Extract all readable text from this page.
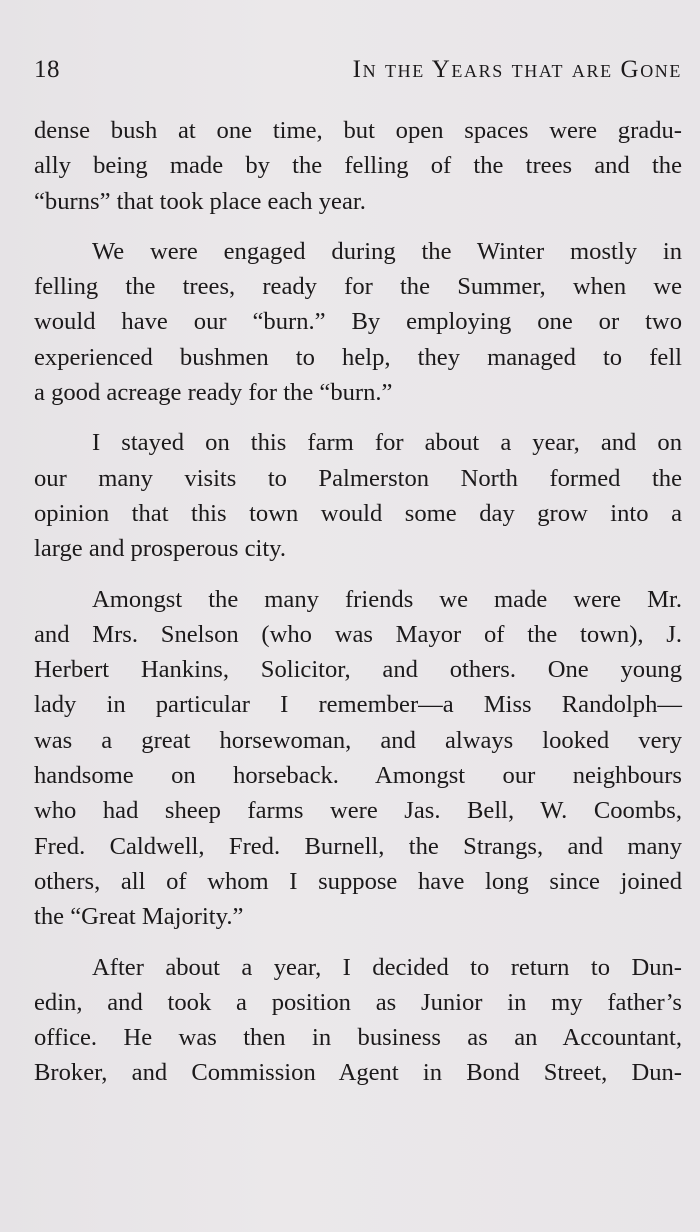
18	In the Years that are Gone

dense bush at one time, but open spaces were gradu-
ally being made by the felling of the trees and the
“burns” that took place each year.

We were engaged during the Winter mostly in
felling the trees, ready for the Summer, when we
would have our “burn.” By employing one or two
experienced bushmen to help, they managed to fell
a good acreage ready for the “burn.”

I stayed on this farm for about a year, and on
our many visits to Palmerston North formed the
opinion that this town would some day grow into a
large and prosperous city.

Amongst the many friends we made were Mr.
and Mrs. Snelson (who was Mayor of the town), J.
Herbert Hankins, Solicitor, and others. One young
lady in particular I remember—a Miss Randolph—
was a great horsewoman, and always looked very
handsome on horseback. Amongst our neighbours
who had sheep farms were Jas. Bell, W. Coombs,
Fred. Caldwell, Fred. Burnell, the Strangs, and many
others, all of whom I suppose have long since joined
the “Great Majority.”

After about a year, I decided to return to Dun-
edin, and took a position as Junior in my father’s
office. He was then in business as an Accountant,
Broker, and Commission Agent in Bond Street, Dun-
